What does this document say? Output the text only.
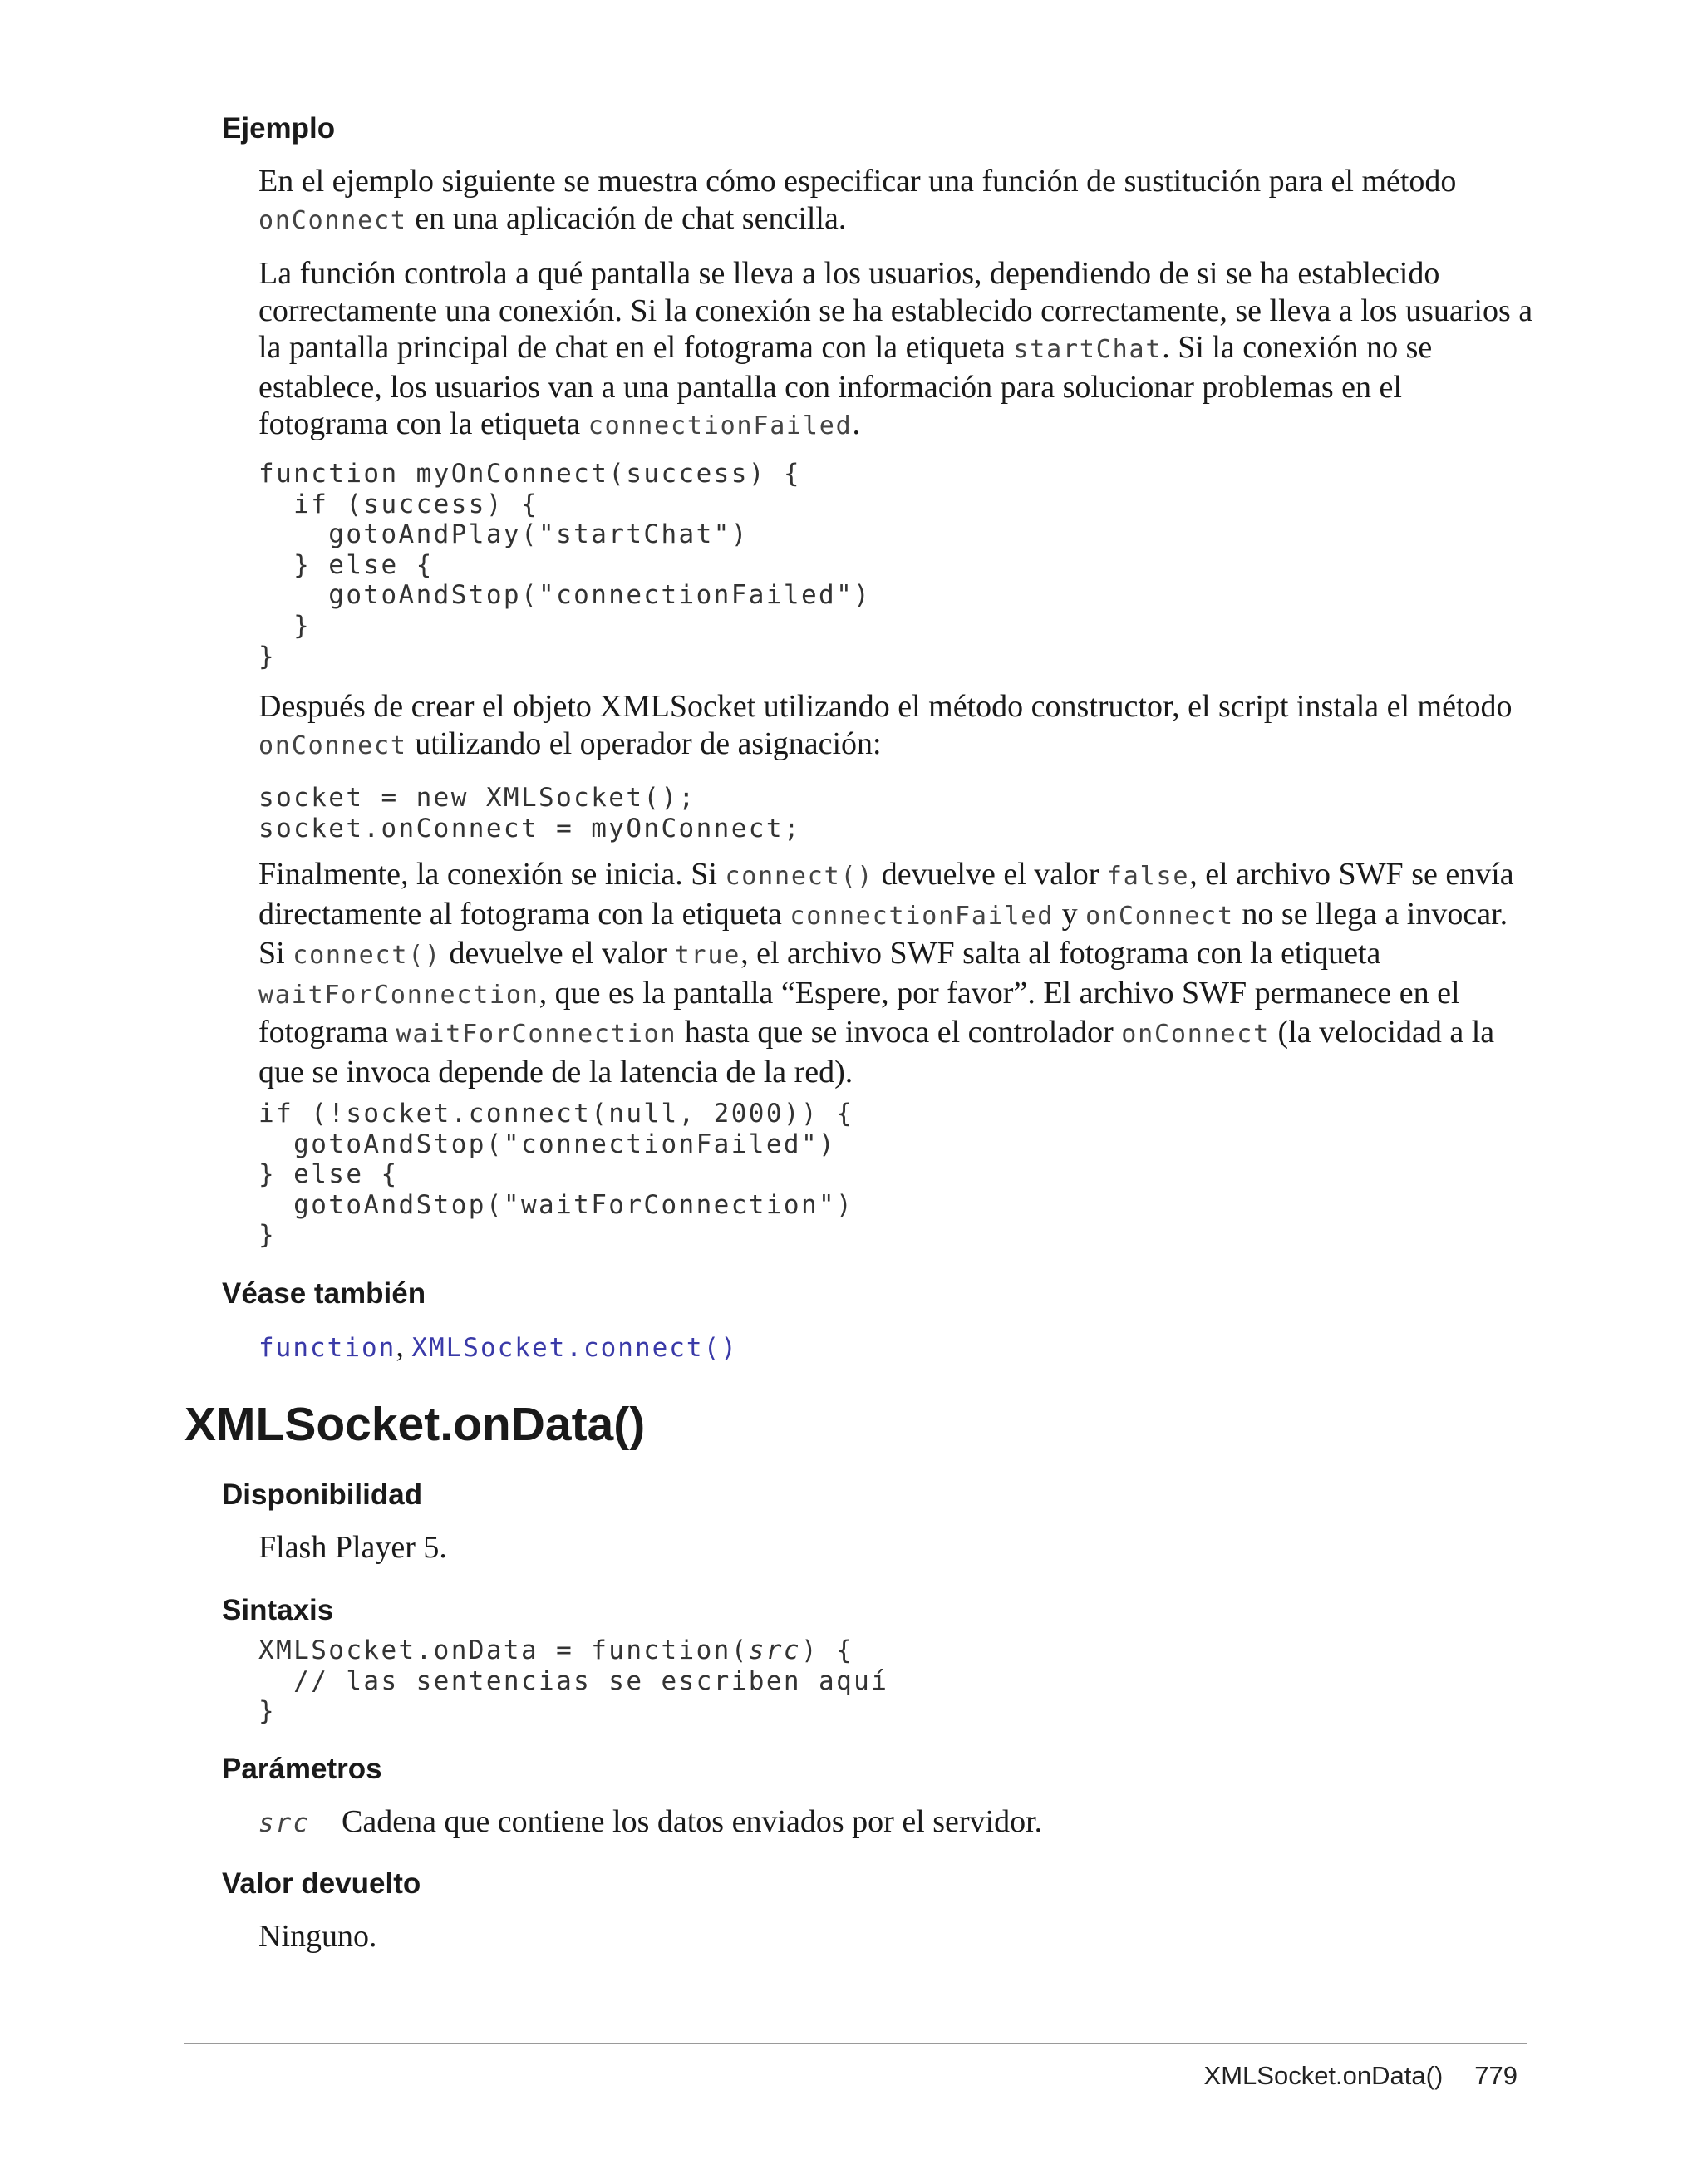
Ejemplo

En el ejemplo siguiente se muestra cómo especificar una función de sustitución para el método onConnect en una aplicación de chat sencilla.

La función controla a qué pantalla se lleva a los usuarios, dependiendo de si se ha establecido correctamente una conexión. Si la conexión se ha establecido correctamente, se lleva a los usuarios a la pantalla principal de chat en el fotograma con la etiqueta startChat. Si la conexión no se establece, los usuarios van a una pantalla con información para solucionar problemas en el fotograma con la etiqueta connectionFailed.

function myOnConnect(success) {
if (success) {
gotoAndPlay("startChat")
} else {
gotoAndStop("connectionFailed")
}
}

Después de crear el objeto XMLSocket utilizando el método constructor, el script instala el método onConnect utilizando el operador de asignación:

socket = new XMLSocket();
socket.onConnect = myOnConnect;

Finalmente, la conexión se inicia. Si connect() devuelve el valor false, el archivo SWF se envía directamente al fotograma con la etiqueta connectionFailed y onConnect no se llega a invocar. Si connect() devuelve el valor true, el archivo SWF salta al fotograma con la etiqueta waitForConnection, que es la pantalla “Espere, por favor”. El archivo SWF permanece en el fotograma waitForConnection hasta que se invoca el controlador onConnect (la velocidad a la que se invoca depende de la latencia de la red).

if (!socket.connect(null, 2000)) {
gotoAndStop("connectionFailed")
} else {
gotoAndStop("waitForConnection")
}
Véase también

function, XMLSocket.connect()

XMLSocket.onData()
Disponibilidad

Flash Player 5.

Sintaxis
XMLSocket.onData = function(src) {
// las sentencias se escriben aquí
}
Parámetros

src Cadena que contiene los datos enviados por el servidor.

Valor devuelto

Ninguno.

XMLSocket.onData() 779
